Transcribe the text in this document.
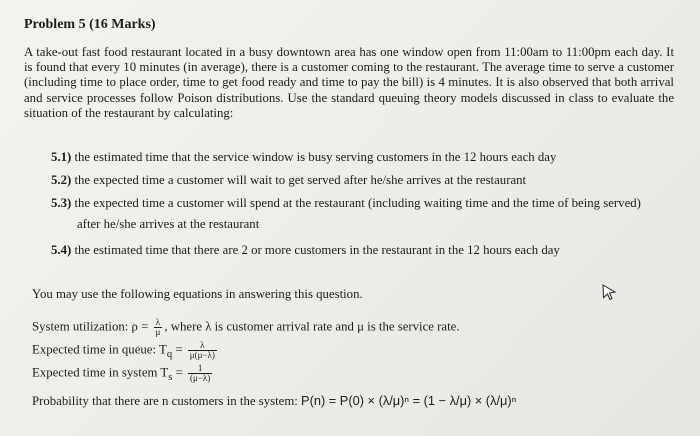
Problem 5 (16 Marks)
A take-out fast food restaurant located in a busy downtown area has one window open from 11:00am to 11:00pm each day. It is found that every 10 minutes (in average), there is a customer coming to the restaurant. The average time to serve a customer (including time to place order, time to get food ready and time to pay the bill) is 4 minutes. It is also observed that both arrival and service processes follow Poison distributions. Use the standard queuing theory models discussed in class to evaluate the situation of the restaurant by calculating:
5.1) the estimated time that the service window is busy serving customers in the 12 hours each day
5.2) the expected time a customer will wait to get served after he/she arrives at the restaurant
5.3) the expected time a customer will spend at the restaurant (including waiting time and the time of being served)
after he/she arrives at the restaurant
5.4) the estimated time that there are 2 or more customers in the restaurant in the 12 hours each day
You may use the following equations in answering this question.
System utilization: $\rho = \frac{\lambda}{\mu}$ , where λ is customer arrival rate and μ is the service rate.
Expected time in queue: $T_q = \frac{\lambda}{\mu(\mu-\lambda)}$
Expected time in system $T_s = \frac{1}{(\mu-\lambda)}$
Probability that there are n customers in the system: P(n) = P(0) × (λ/μ)ⁿ = (1 − λ/μ) × (λ/μ)ⁿ
